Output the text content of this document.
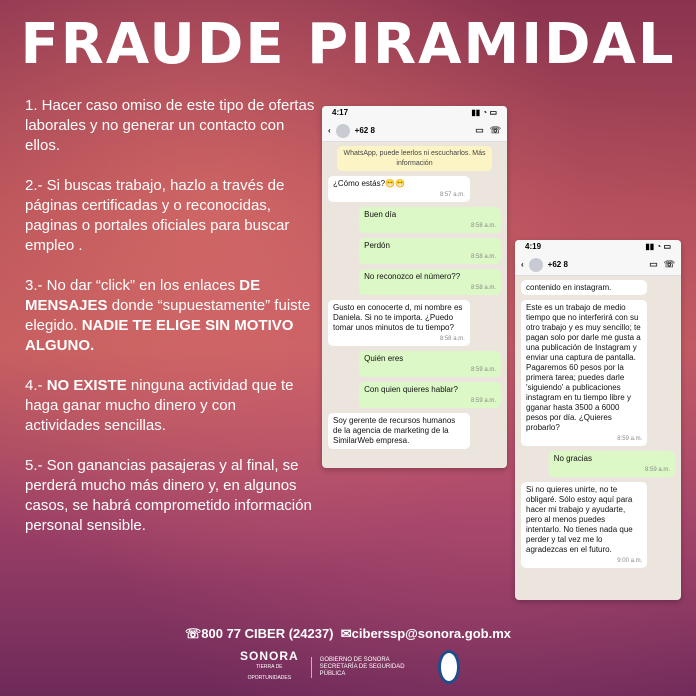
FRAUDE PIRAMIDAL

1. Hacer caso omiso de este tipo de ofertas laborales y no generar un contacto con ellos.

2.- Si buscas trabajo, hazlo a través de páginas certificadas y o reconocidas, paginas o portales oficiales para buscar empleo .

3.- No dar “click” en los enlaces DE MENSAJES donde “supuestamente” fuiste elegido. NADIE TE ELIGE SIN MOTIVO ALGUNO.

4.- NO EXISTE ninguna actividad que te haga ganar mucho dinero y con actividades sencillas.

5.- Son ganancias pasajeras y al final, se perderá mucho más dinero y, en algunos casos, se habrá comprometido información personal sensible.

4:17	▮▮ ◔ ▭
‹	+62 8	▭ ☏
WhatsApp, puede leerlos ni escucharlos. Más información
¿Cómo estás?😁😁
8:57 a.m.
Buen día
8:58 a.m.
Perdón
8:58 a.m.
No reconozco el número??
8:58 a.m.
Gusto en conocerte d, mi nombre es Daniela. Si no te importa. ¿Puedo tomar unos minutos de tu tiempo?
8:58 a.m.
Quién eres
8:59 a.m.
Con quien quieres hablar?
8:59 a.m.
Soy gerente de recursos humanos de la agencia de marketing de la SimilarWeb empresa.
4:19	▮▮ ◔ ▭
‹	+62 8	▭ ☏
contenido en instagram.
Este es un trabajo de medio tiempo que no interferirá con su otro trabajo y es muy sencillo; te pagan solo por darle me gusta a una publicación de Instagram y enviar una captura de pantalla. Pagaremos 60 pesos por la primera tarea; puedes darle 'siguiendo' a publicaciones instagram en tu tiempo libre y gganar hasta 3500 a 6000 pesos por día. ¿Quieres probarlo?
8:59 a.m.
No gracias
8:59 a.m.
Si no quieres unirte, no te obligaré. Sólo estoy aquí para hacer mi trabajo y ayudarte, pero al menos puedes intentarlo. No tienes nada que perder y tal vez me lo agradezcas en el futuro.
9:00 a.m.
☏800 77 CIBER (24237) ✉ciberssp@sonora.gob.mx
SONORA
TIERRA DE OPORTUNIDADES
GOBIERNO DE SONORA SECRETARÍA DE SEGURIDAD PÚBLICA
